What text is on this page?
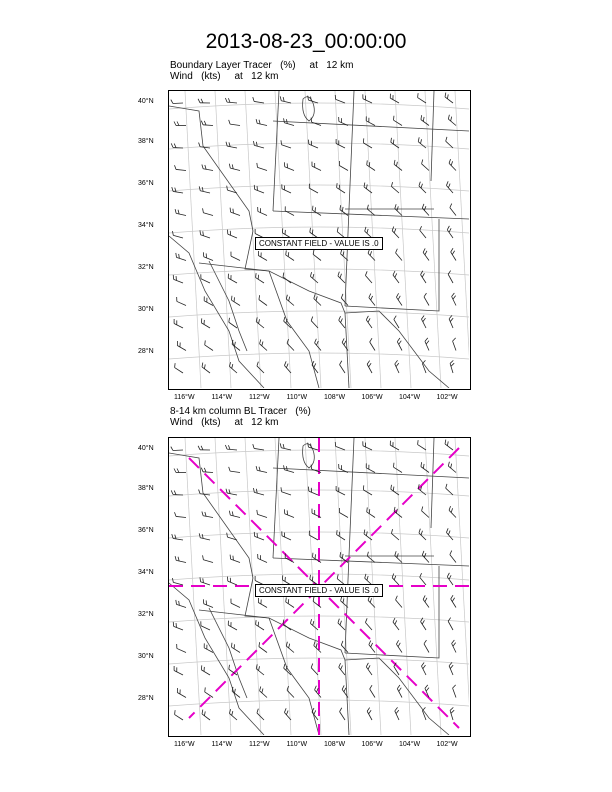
2013-08-23_00:00:00
Boundary Layer Tracer (%) at   12 km
Wind (kts) at   12 km
CONSTANT FIELD - VALUE IS .0
40°N
38°N
36°N
34°N
32°N
30°N
28°N
116°W 114°W 112°W 110°W 108°W 106°W 104°W 102°W
8-14 km column BL Tracer (%)
Wind (kts) at   12 km
CONSTANT FIELD - VALUE IS .0
40°N
38°N
36°N
34°N
32°N
30°N
28°N
116°W 114°W 112°W 110°W 108°W 106°W 104°W 102°W
